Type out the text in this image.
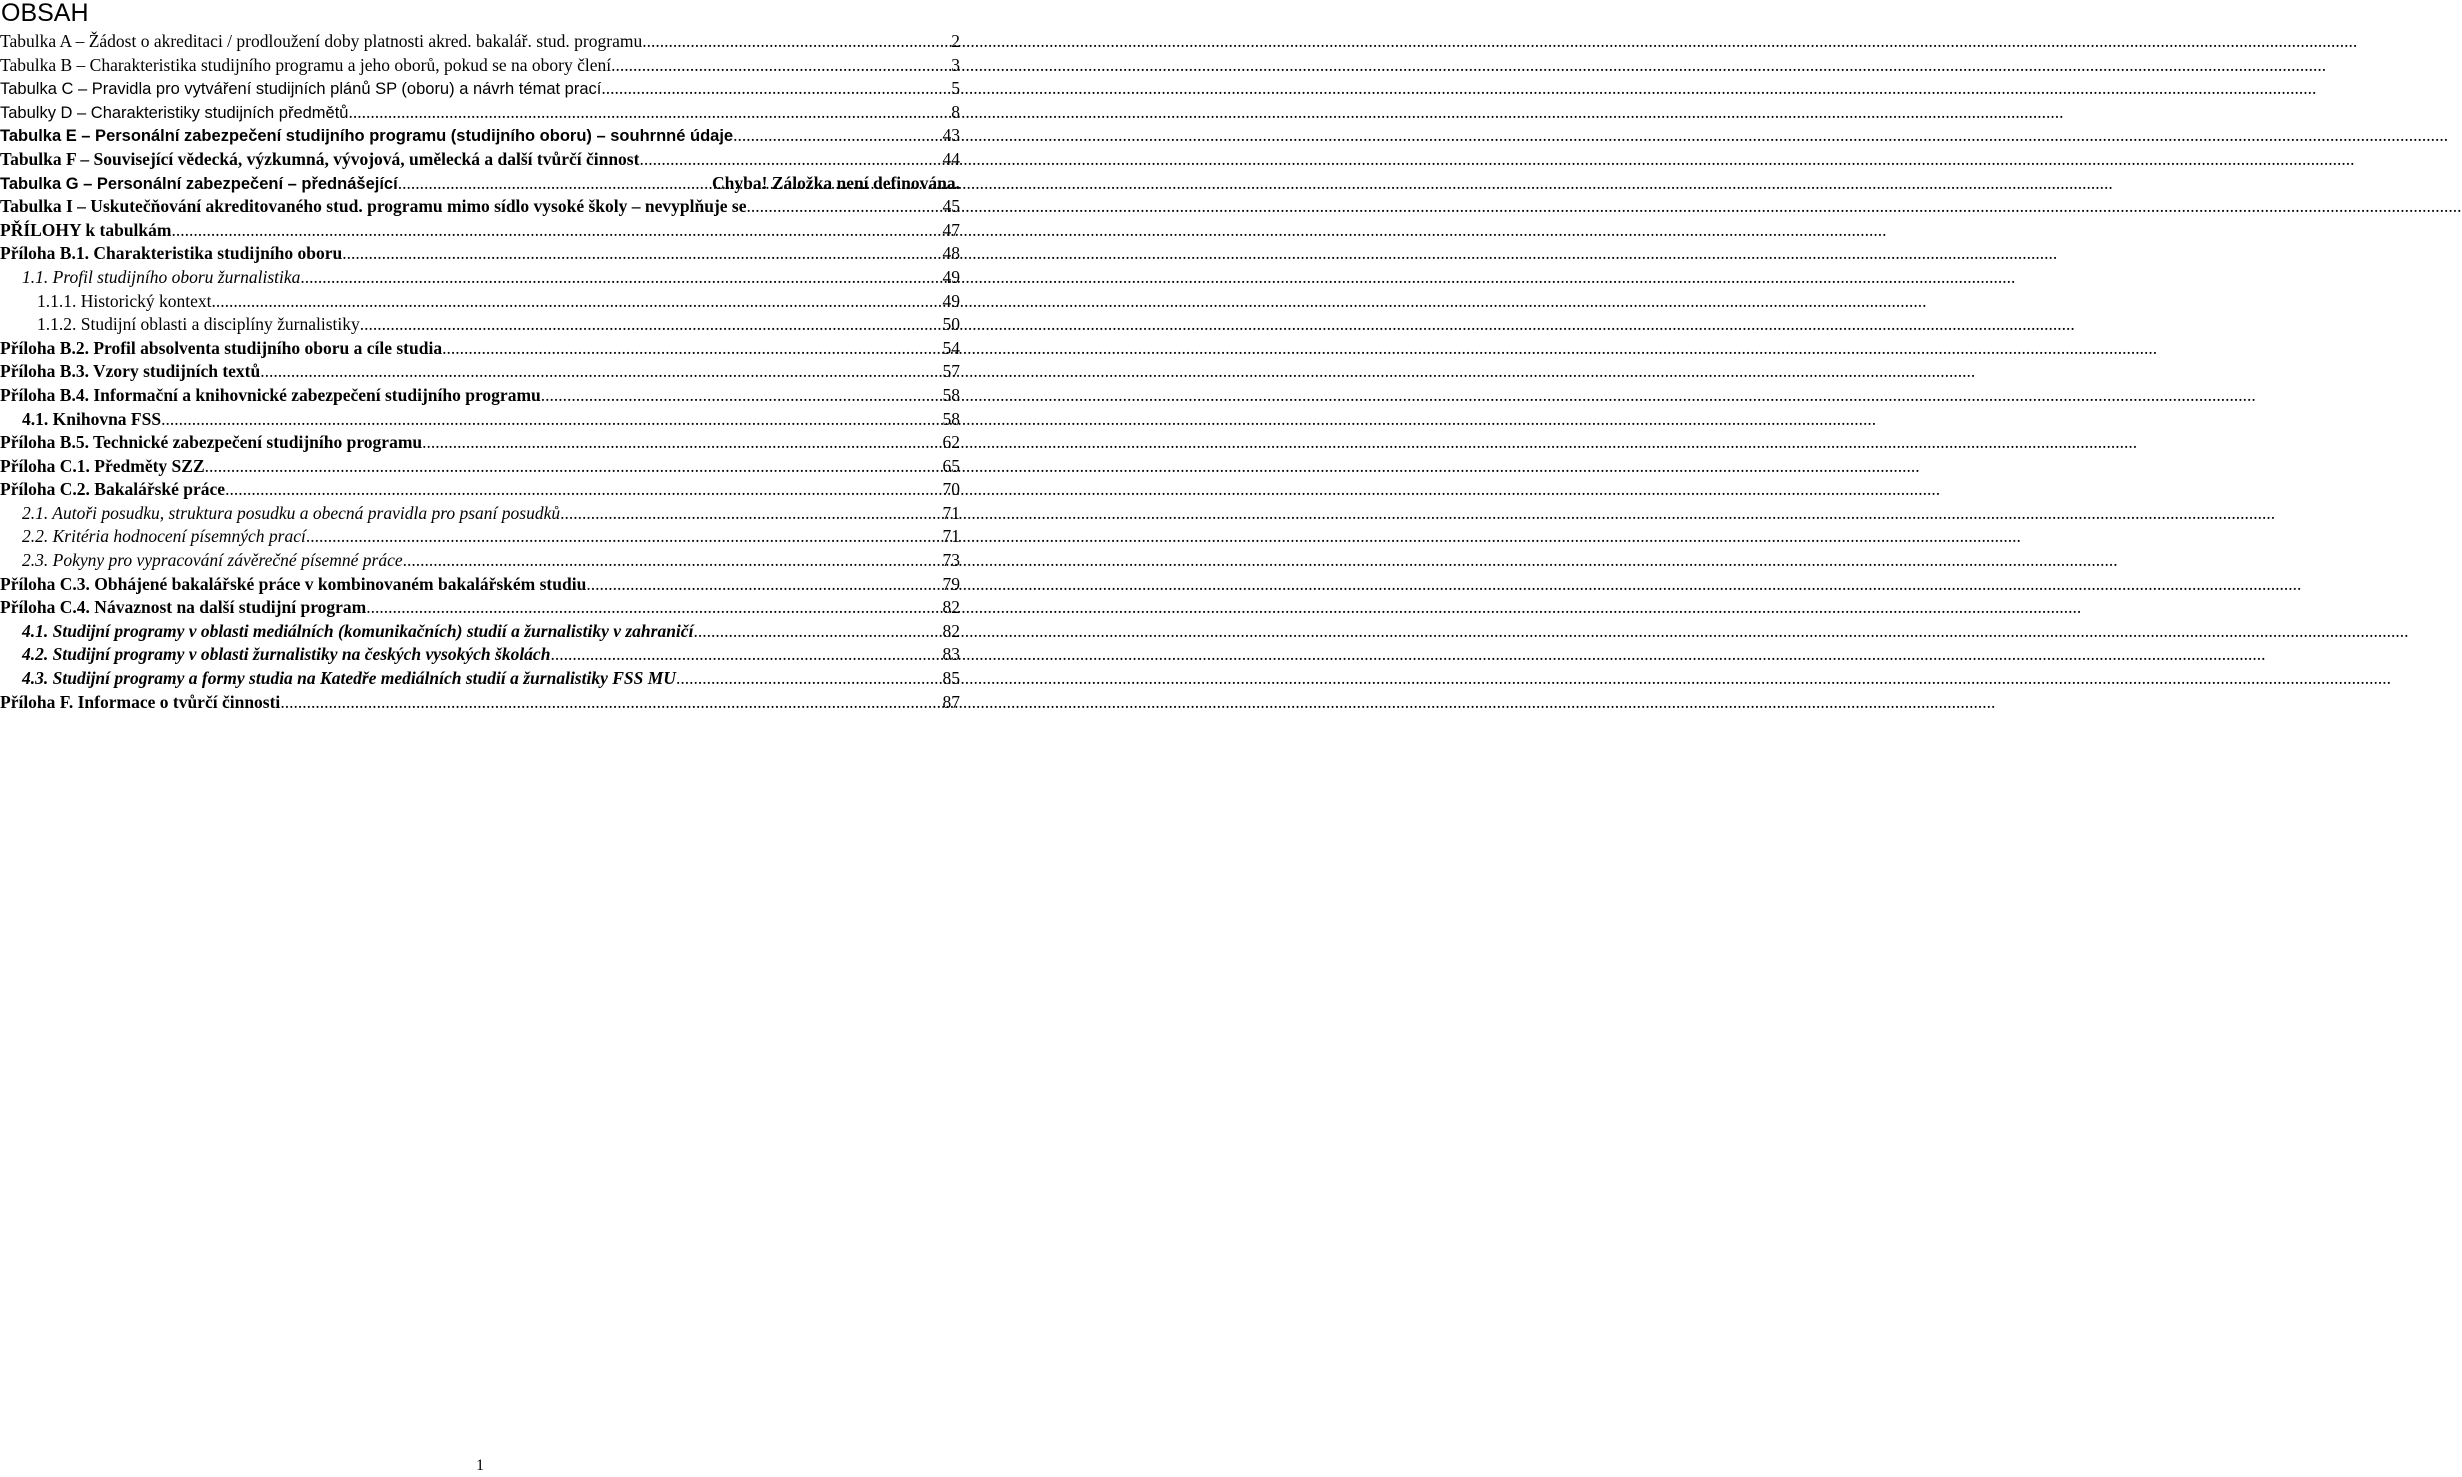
OBSAH
Tabulka A – Žádost o akreditaci / prodloužení doby platnosti akred. bakalář. stud. programu .....	2
Tabulka B – Charakteristika studijního programu a jeho oborů, pokud se na obory člení .....	3
Tabulka C – Pravidla pro vytváření studijních plánů SP (oboru) a návrh témat prací .....	5
Tabulky D – Charakteristiky studijních předmětů .....	8
Tabulka E – Personální zabezpečení studijního programu (studijního oboru) – souhrnné údaje .....	43
Tabulka F – Související vědecká, výzkumná, vývojová, umělecká a další tvůrčí činnost .....	44
Tabulka G – Personální zabezpečení – přednášející .....	Chyba! Záložka není definována.
Tabulka I – Uskutečňování akreditovaného stud. programu mimo sídlo vysoké školy – nevyplňuje se .....	45
PŘÍLOHY k tabulkám .....	47
Příloha B.1. Charakteristika studijního oboru .....	48
1.1. Profil studijního oboru žurnalistika .....	49
1.1.1. Historický kontext .....	49
1.1.2. Studijní oblasti a disciplíny žurnalistiky .....	50
Příloha B.2. Profil absolventa studijního oboru a cíle studia .....	54
Příloha B.3. Vzory studijních textů .....	57
Příloha B.4. Informační a knihovnické zabezpečení studijního programu .....	58
4.1. Knihovna FSS .....	58
Příloha B.5. Technické zabezpečení studijního programu .....	62
Příloha C.1. Předměty SZZ .....	65
Příloha C.2. Bakalářské práce .....	70
2.1. Autoři posudku, struktura posudku a obecná pravidla pro psaní posudků .....	71
2.2. Kritéria hodnocení písemných prací .....	71
2.3. Pokyny pro vypracování závěrečné písemné práce .....	73
Příloha C.3. Obhájené bakalářské práce v kombinovaném bakalářském studiu .....	79
Příloha C.4. Návaznost na další studijní program .....	82
4.1. Studijní programy v oblasti mediálních (komunikačních) studií a žurnalistiky v zahraničí .....	82
4.2. Studijní programy v oblasti žurnalistiky na českých vysokých školách .....	83
4.3. Studijní programy a formy studia na Katedře mediálních studií a žurnalistiky FSS MU .....	85
Příloha F. Informace o tvůrčí činnosti .....	87
1
